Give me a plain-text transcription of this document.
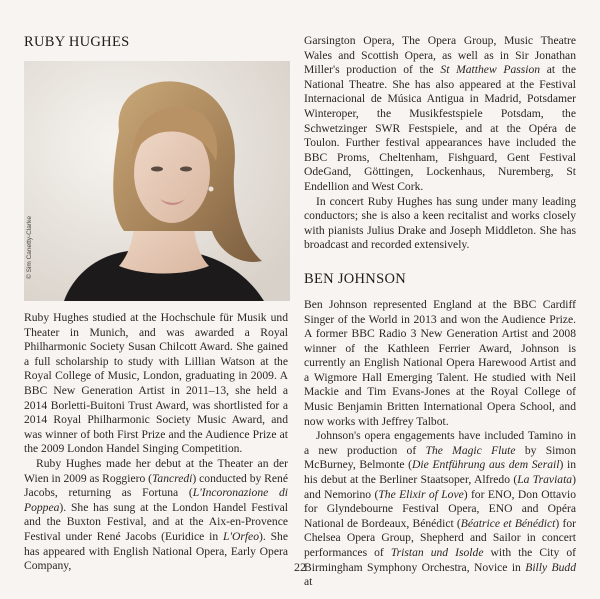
RUBY HUGHES
© Sim Canetty-Clarke

Ruby Hughes studied at the Hochschule für Musik und Theater in Munich, and was awarded a Royal Philharmonic Society Susan Chilcott Award. She gained a full scholarship to study with Lillian Watson at the Royal College of Music, London, graduating in 2009. A BBC New Generation Artist in 2011–13, she held a 2014 Borletti-Buitoni Trust Award, was shortlisted for a 2014 Royal Philharmonic Society Music Award, and was winner of both First Prize and the Audience Prize at the 2009 London Handel Singing Competition.

Ruby Hughes made her debut at the Theater an der Wien in 2009 as Roggiero (Tancredi) conducted by René Jacobs, returning as Fortuna (L'Incoronazione di Poppea). She has sung at the London Handel Festival and the Buxton Festival, and at the Aix-en-Provence Festival under René Jacobs (Euridice in L'Orfeo). She has appeared with English National Opera, Early Opera Company,

Garsington Opera, The Opera Group, Music Theatre Wales and Scottish Opera, as well as in Sir Jonathan Miller's production of the St Matthew Passion at the National Theatre. She has also appeared at the Festival Internacional de Música Antigua in Madrid, Potsdamer Winteroper, the Musikfestspiele Potsdam, the Schwetzinger SWR Festspiele, and at the Opéra de Toulon. Further festival appearances have included the BBC Proms, Cheltenham, Fishguard, Gent Festival OdeGand, Göttingen, Lockenhaus, Nuremberg, St Endellion and West Cork.

In concert Ruby Hughes has sung under many leading conductors; she is also a keen recitalist and works closely with pianists Julius Drake and Joseph Middleton. She has broadcast and recorded extensively.

BEN JOHNSON

Ben Johnson represented England at the BBC Cardiff Singer of the World in 2013 and won the Audience Prize. A former BBC Radio 3 New Generation Artist and 2008 winner of the Kathleen Ferrier Award, Johnson is currently an English National Opera Harewood Artist and a Wigmore Hall Emerging Talent. He studied with Neil Mackie and Tim Evans-Jones at the Royal College of Music Benjamin Britten International Opera School, and now works with Jeffrey Talbot.

Johnson's opera engagements have included Tamino in a new production of The Magic Flute by Simon McBurney, Belmonte (Die Entführung aus dem Serail) in his debut at the Berliner Staatsoper, Alfredo (La Traviata) and Nemorino (The Elixir of Love) for ENO, Don Ottavio for Glyndebourne Festival Opera, ENO and Opéra National de Bordeaux, Bénédict (Béatrice et Bénédict) for Chelsea Opera Group, Shepherd and Sailor in concert performances of Tristan und Isolde with the City of Birmingham Symphony Orchestra, Novice in Billy Budd at

22
